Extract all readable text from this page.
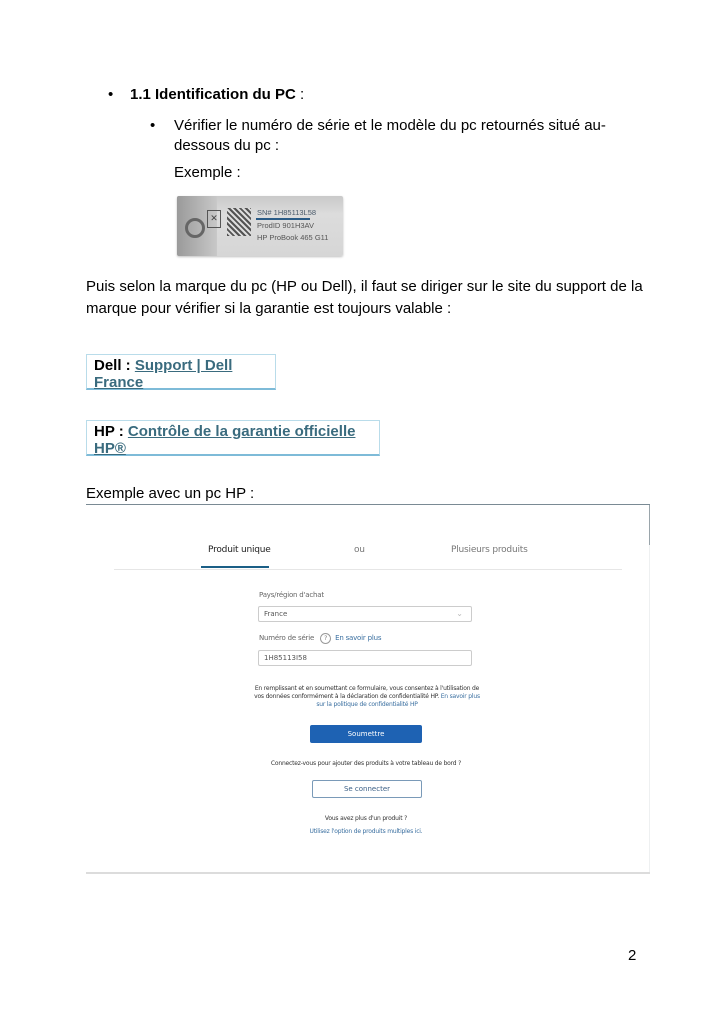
• 1.1 Identification du PC :
• Vérifier le numéro de série et le modèle du pc retournés situé au-dessous du pc :
Exemple :
✕
SN# 1H85113L58
ProdID 901H3AV
HP ProBook 465 G11
Puis selon la marque du pc (HP ou Dell), il faut se diriger sur le site du support de la marque pour vérifier si la garantie est toujours valable :
Dell : Support | Dell France
HP : Contrôle de la garantie officielle HP®
Exemple avec un pc HP :
Produit unique	ou	Plusieurs produits
Pays/région d'achat
France	⌄
Numéro de série ? En savoir plus
1H85113I58
En remplissant et en soumettant ce formulaire, vous consentez à l'utilisation de vos données conformément à la déclaration de confidentialité HP. En savoir plus sur la politique de confidentialité HP
Soumettre
Connectez-vous pour ajouter des produits à votre tableau de bord ?
Se connecter
Vous avez plus d'un produit ?
Utilisez l'option de produits multiples ici.
2
